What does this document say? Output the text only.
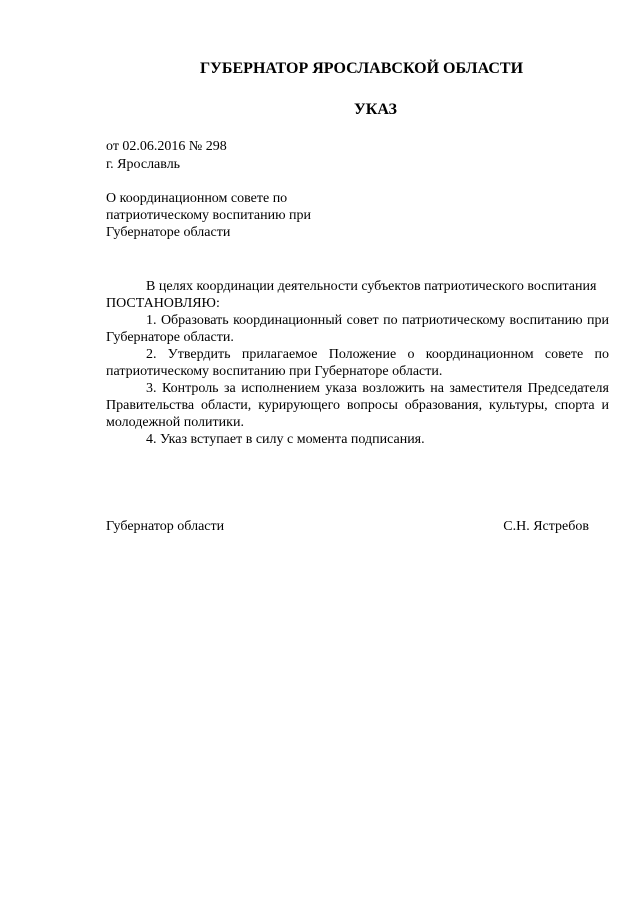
ГУБЕРНАТОР ЯРОСЛАВСКОЙ ОБЛАСТИ
УКАЗ
от 02.06.2016 № 298
г. Ярославль
О координационном совете по
патриотическому воспитанию при
Губернаторе области

В целях координации деятельности субъектов патриотического воспитания

ПОСТАНОВЛЯЮ:

1. Образовать координационный совет по патриотическому воспитанию при Губернаторе области.

2. Утвердить прилагаемое Положение о координационном совете по патриотическому воспитанию при Губернаторе области.

3. Контроль за исполнением указа возложить на заместителя Председателя Правительства области, курирующего вопросы образования, культуры, спорта и молодежной политики.

4. Указ вступает в силу с момента подписания.

Губернатор области	С.Н. Ястребов
